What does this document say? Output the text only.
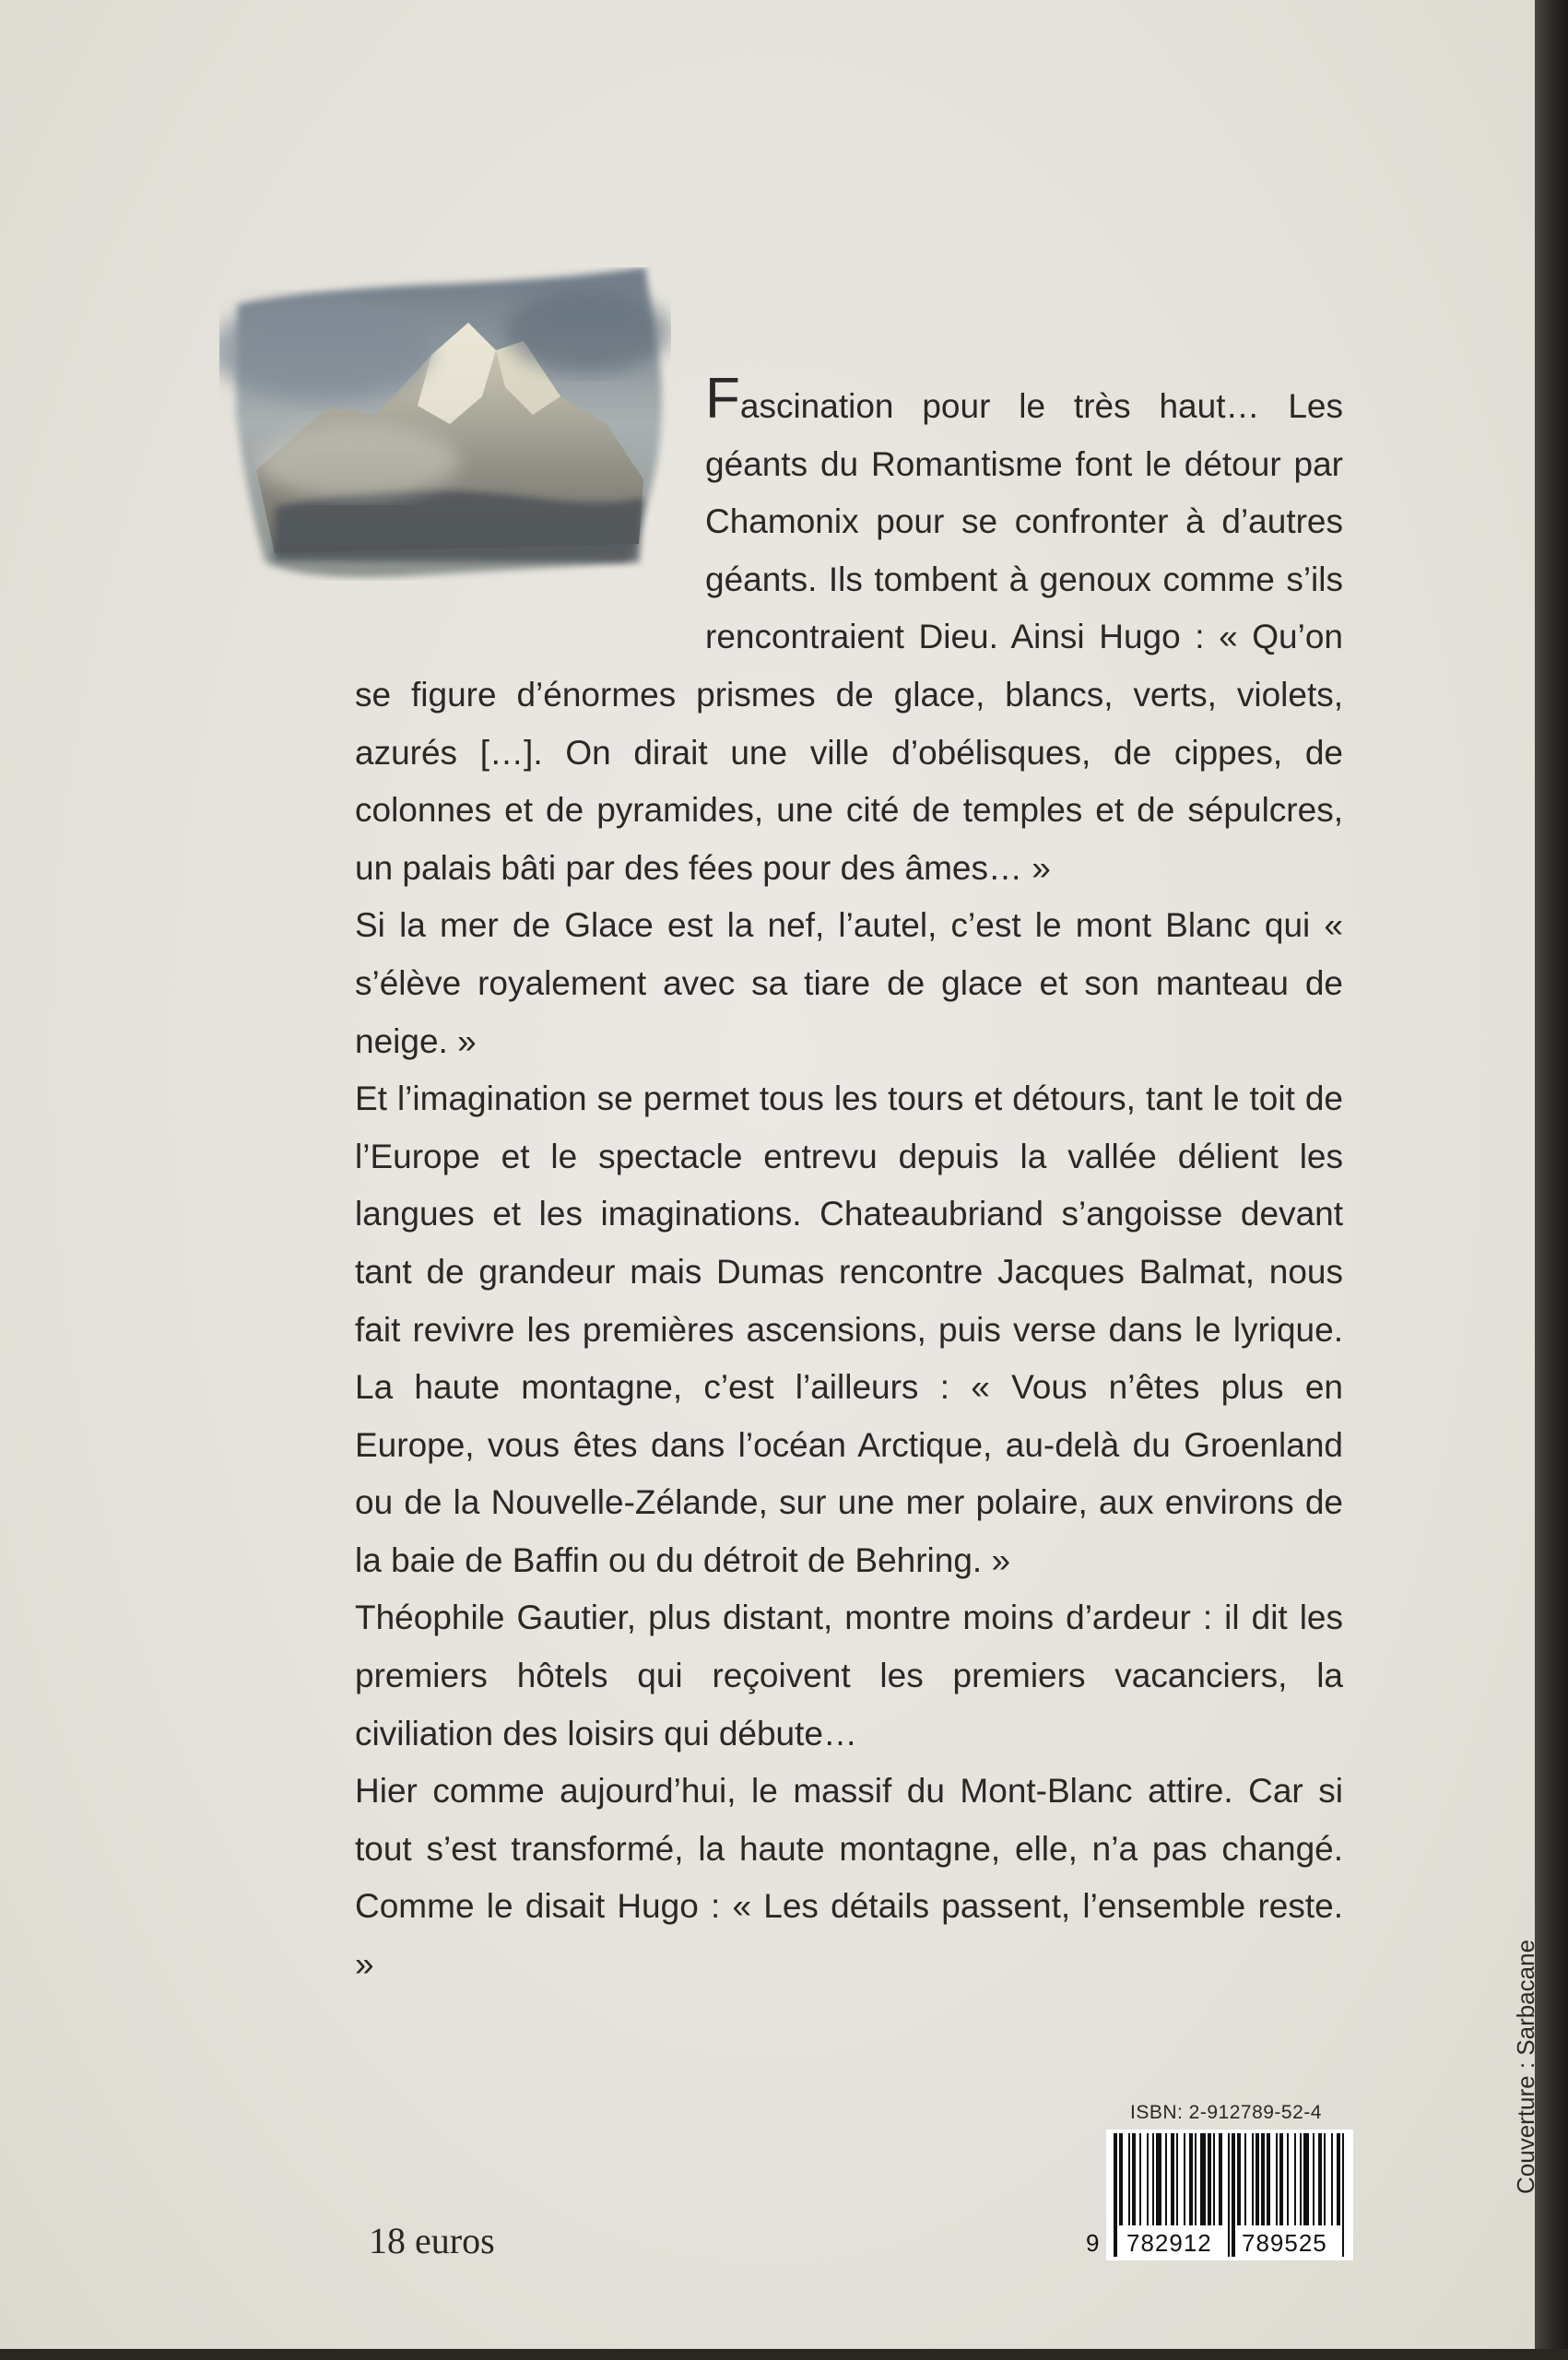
Fascination pour le très haut… Les géants du Romantisme font le détour par Chamonix pour se confronter à d’autres géants. Ils tombent à genoux comme s’ils rencontraient Dieu. Ainsi Hugo : « Qu’on se figure d’énormes prismes de glace, blancs, verts, violets, azurés […]. On dirait une ville d’obélisques, de cippes, de colonnes et de pyramides, une cité de temples et de sépulcres, un palais bâti par des fées pour des âmes… »

Si la mer de Glace est la nef, l’autel, c’est le mont Blanc qui « s’élève royalement avec sa tiare de glace et son manteau de neige. »

Et l’imagination se permet tous les tours et détours, tant le toit de l’Europe et le spectacle entrevu depuis la vallée délient les langues et les imaginations. Chateaubriand s’angoisse devant tant de grandeur mais Dumas rencontre Jacques Balmat, nous fait revivre les premières ascensions, puis verse dans le lyrique. La haute montagne, c’est l’ailleurs : « Vous n’êtes plus en Europe, vous êtes dans l’océan Arctique, au-delà du Groenland ou de la Nouvelle-Zélande, sur une mer polaire, aux environs de la baie de Baffin ou du détroit de Behring. »

Théophile Gautier, plus distant, montre moins d’ardeur : il dit les premiers hôtels qui reçoivent les premiers vacanciers, la civiliation des loisirs qui débute…

Hier comme aujourd’hui, le massif du Mont-Blanc attire. Car si tout s’est transformé, la haute montagne, elle, n’a pas changé. Comme le disait Hugo : « Les détails passent, l’ensemble reste. »

18 euros
ISBN: 2-912789-52-4
9 782912 789525
Couverture : Sarbacane
